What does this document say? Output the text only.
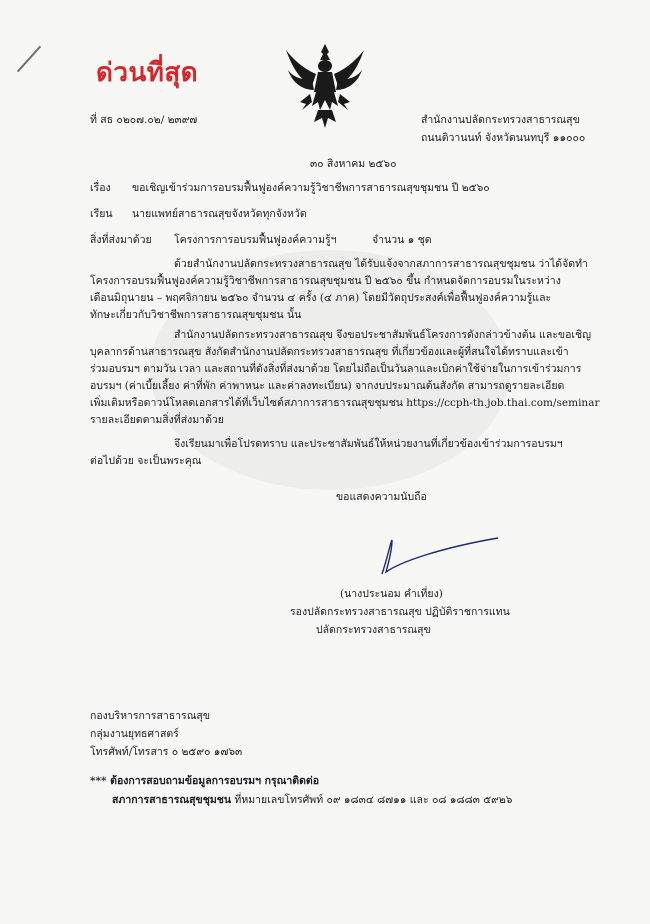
ด่วนที่สุด
ที่ สธ ๐๒๐๗.๐๒/ ๒๓๙๗	สำนักงานปลัดกระทรวงสาธารณสุข
ถนนติวานนท์ จังหวัดนนทบุรี ๑๑๐๐๐
๓๐ สิงหาคม ๒๕๖๐
เรื่อง ขอเชิญเข้าร่วมการอบรมฟื้นฟูองค์ความรู้วิชาชีพการสาธารณสุขชุมชน ปี ๒๕๖๐
เรียน นายแพทย์สาธารณสุขจังหวัดทุกจังหวัด
สิ่งที่ส่งมาด้วย โครงการการอบรมฟื้นฟูองค์ความรู้ฯ	จำนวน ๑ ชุด
ด้วยสำนักงานปลัดกระทรวงสาธารณสุข ได้รับแจ้งจากสภาการสาธารณสุขชุมชน ว่าได้จัดทำ
โครงการอบรมฟื้นฟูองค์ความรู้วิชาชีพการสาธารณสุขชุมชน ปี ๒๕๖๐ ขึ้น กำหนดจัดการอบรมในระหว่าง
เดือนมิถุนายน – พฤศจิกายน ๒๕๖๐ จำนวน ๔ ครั้ง (๔ ภาค) โดยมีวัตถุประสงค์เพื่อฟื้นฟูองค์ความรู้และ
ทักษะเกี่ยวกับวิชาชีพการสาธารณสุขชุมชน นั้น
สำนักงานปลัดกระทรวงสาธารณสุข จึงขอประชาสัมพันธ์โครงการดังกล่าวข้างต้น และขอเชิญ
บุคลากรด้านสาธารณสุข สังกัดสำนักงานปลัดกระทรวงสาธารณสุข ที่เกี่ยวข้องและผู้ที่สนใจได้ทราบและเข้า
ร่วมอบรมฯ ตามวัน เวลา และสถานที่ดังสิ่งที่ส่งมาด้วย โดยไม่ถือเป็นวันลาและเบิกค่าใช้จ่ายในการเข้าร่วมการ
อบรมฯ (ค่าเบี้ยเลี้ยง ค่าที่พัก ค่าพาหนะ และค่าลงทะเบียน) จากงบประมาณต้นสังกัด สามารถดูรายละเอียด
เพิ่มเติมหรือดาวน์โหลดเอกสารได้ที่เว็บไซต์สภาการสาธารณสุขชุมชน https://ccph-th.job.thai.com/seminar
รายละเอียดตามสิ่งที่ส่งมาด้วย
จึงเรียนมาเพื่อโปรดทราบ และประชาสัมพันธ์ให้หน่วยงานที่เกี่ยวข้องเข้าร่วมการอบรมฯ
ต่อไปด้วย จะเป็นพระคุณ
ขอแสดงความนับถือ
(นางประนอม คำเที่ยง)
รองปลัดกระทรวงสาธารณสุข ปฏิบัติราชการแทน
ปลัดกระทรวงสาธารณสุข
กองบริหารการสาธารณสุข
กลุ่มงานยุทธศาสตร์
โทรศัพท์/โทรสาร ๐ ๒๕๙๐ ๑๗๖๓
*** ต้องการสอบถามข้อมูลการอบรมฯ กรุณาติดต่อ
สภาการสาธารณสุขชุมชน ที่หมายเลขโทรศัพท์ ๐๙ ๑๘๓๔ ๘๗๑๑ และ ๐๘ ๑๘๘๓ ๕๙๒๖
